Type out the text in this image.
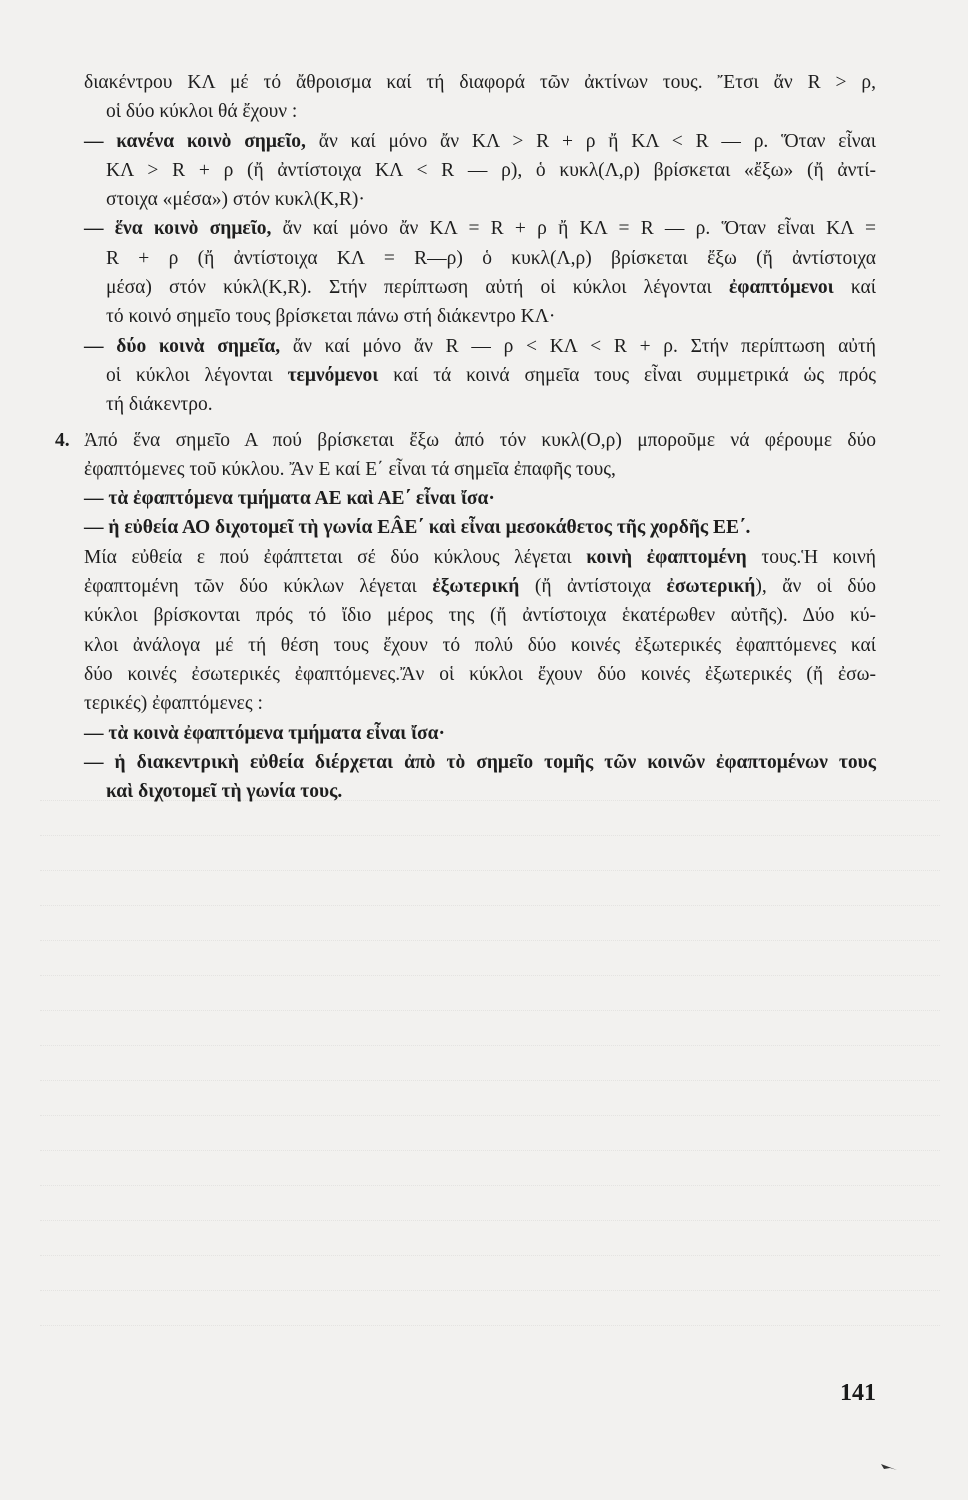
διακέντρου ΚΛ μέ τό ἄθροισμα καί τή διαφορά τῶν ἀκτίνων τους. Ἔτσι ἄν R > ρ,
οἱ δύο κύκλοι θά ἔχουν :
— κανένα κοινὸ σημεῖο, ἄν καί μόνο ἄν ΚΛ > R + ρ ἤ ΚΛ < R — ρ. Ὅταν εἶναι
ΚΛ > R + ρ (ἤ ἀντίστοιχα ΚΛ < R — ρ), ὁ κυκλ(Λ,ρ) βρίσκεται «ἔξω» (ἤ ἀντί-
στοιχα «μέσα») στόν κυκλ(Κ,R)·
— ἕνα κοινὸ σημεῖο, ἄν καί μόνο ἄν ΚΛ = R + ρ ἤ ΚΛ = R — ρ. Ὅταν εἶναι ΚΛ =
R + ρ (ἤ ἀντίστοιχα ΚΛ = R—ρ) ὁ κυκλ(Λ,ρ) βρίσκεται ἔξω (ἤ ἀντίστοιχα
μέσα) στόν κύκλ(Κ,R). Στήν περίπτωση αὐτή οἱ κύκλοι λέγονται ἐφαπτόμενοι καί
τό κοινό σημεῖο τους βρίσκεται πάνω στή διάκεντρο ΚΛ·
— δύο κοινὰ σημεῖα, ἄν καί μόνο ἄν R — ρ < ΚΛ < R + ρ. Στήν περίπτωση αὐτή
οἱ κύκλοι λέγονται τεμνόμενοι καί τά κοινά σημεῖα τους εἶναι συμμετρικά ὡς πρός
τή διάκεντρο.
4. Ἀπό ἕνα σημεῖο Α πού βρίσκεται ἔξω ἀπό τόν κυκλ(Ο,ρ) μποροῦμε νά φέρουμε δύο
ἐφαπτόμενες τοῦ κύκλου. Ἄν Ε καί Ε΄ εἶναι τά σημεῖα ἐπαφῆς τους,
— τὰ ἐφαπτόμενα τμήματα ΑΕ καὶ ΑΕ΄ εἶναι ἴσα·
— ἡ εὐθεία ΑΟ διχοτομεῖ τὴ γωνία ΕÂΕ΄ καὶ εἶναι μεσοκάθετος τῆς χορδῆς ΕΕ΄.
Μία εὐθεία ε πού ἐφάπτεται σέ δύο κύκλους λέγεται κοινὴ ἐφαπτομένη τους.Ἡ κοινή
ἐφαπτομένη τῶν δύο κύκλων λέγεται ἐξωτερική (ἤ ἀντίστοιχα ἐσωτερική), ἄν οἱ δύο
κύκλοι βρίσκονται πρός τό ἴδιο μέρος της (ἤ ἀντίστοιχα ἑκατέρωθεν αὐτῆς). Δύο κύ-
κλοι ἀνάλογα μέ τή θέση τους ἔχουν τό πολύ δύο κοινές ἐξωτερικές ἐφαπτόμενες καί
δύο κοινές ἐσωτερικές ἐφαπτόμενες.Ἄν οἱ κύκλοι ἔχουν δύο κοινές ἐξωτερικές (ἤ ἐσω-
τερικές) ἐφαπτόμενες :
— τὰ κοινὰ ἐφαπτόμενα τμήματα εἶναι ἴσα·
— ἡ διακεντρικὴ εὐθεία διέρχεται ἀπὸ τὸ σημεῖο τομῆς τῶν κοινῶν ἐφαπτομένων τους
καὶ διχοτομεῖ τὴ γωνία τους.
141
